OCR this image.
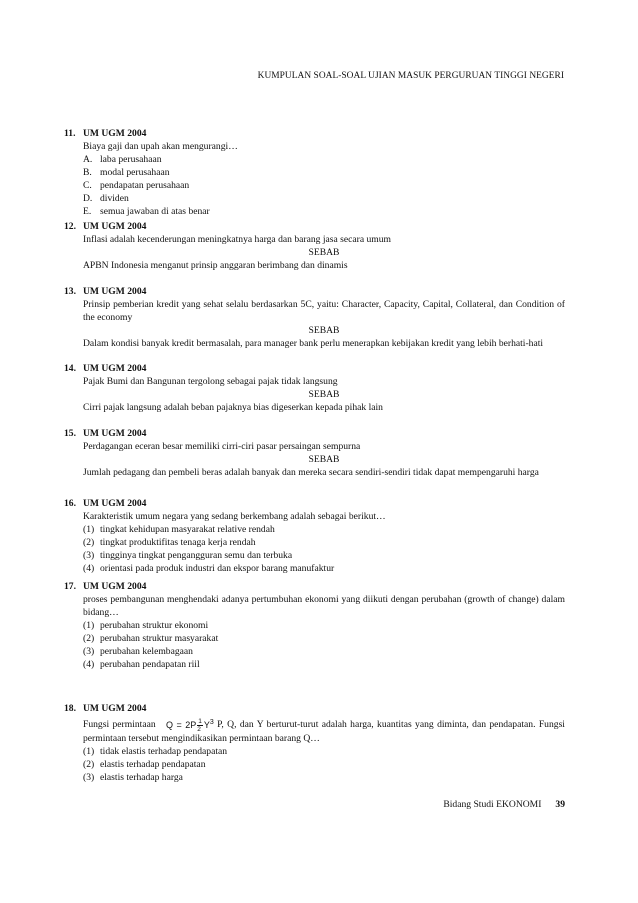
KUMPULAN SOAL-SOAL UJIAN MASUK PERGURUAN TINGGI NEGERI
11. UM UGM 2004
Biaya gaji dan upah akan mengurangi…
A. laba perusahaan
B. modal perusahaan
C. pendapatan perusahaan
D. dividen
E. semua jawaban di atas benar
12. UM UGM 2004
Inflasi adalah kecenderungan meningkatnya harga dan barang jasa secara umum
SEBAB
APBN Indonesia menganut prinsip anggaran berimbang dan dinamis
13. UM UGM 2004
Prinsip pemberian kredit yang sehat selalu berdasarkan 5C, yaitu: Character, Capacity, Capital, Collateral, dan Condition of the economy
SEBAB
Dalam kondisi banyak kredit bermasalah, para manager bank perlu menerapkan kebijakan kredit yang lebih berhati-hati
14. UM UGM 2004
Pajak Bumi dan Bangunan tergolong sebagai pajak tidak langsung
SEBAB
Cirri pajak langsung adalah beban pajaknya bias digeserkan kepada pihak lain
15. UM UGM 2004
Perdagangan eceran besar memiliki cirri-ciri pasar persaingan sempurna
SEBAB
Jumlah pedagang dan pembeli beras adalah banyak dan mereka secara sendiri-sendiri tidak dapat mempengaruhi harga
16. UM UGM 2004
Karakteristik umum negara yang sedang berkembang adalah sebagai berikut…
(1) tingkat kehidupan masyarakat relative rendah
(2) tingkat produktifitas tenaga kerja rendah
(3) tingginya tingkat pengangguran semu dan terbuka
(4) orientasi pada produk industri dan ekspor barang manufaktur
17. UM UGM 2004
proses pembangunan menghendaki adanya pertumbuhan ekonomi yang diikuti dengan perubahan (growth of change) dalam bidang…
(1) perubahan struktur ekonomi
(2) perubahan struktur masyarakat
(3) perubahan kelembagaan
(4) perubahan pendapatan riil
18. UM UGM 2004
Fungsi permintaan $Q = 2P \frac{1}{2} Y^3$ P, Q, dan Y berturut-turut adalah harga, kuantitas yang diminta, dan pendapatan. Fungsi permintaan tersebut mengindikasikan permintaan barang Q…
(1) tidak elastis terhadap pendapatan
(2) elastis terhadap pendapatan
(3) elastis terhadap harga
Bidang Studi EKONOMI 39
